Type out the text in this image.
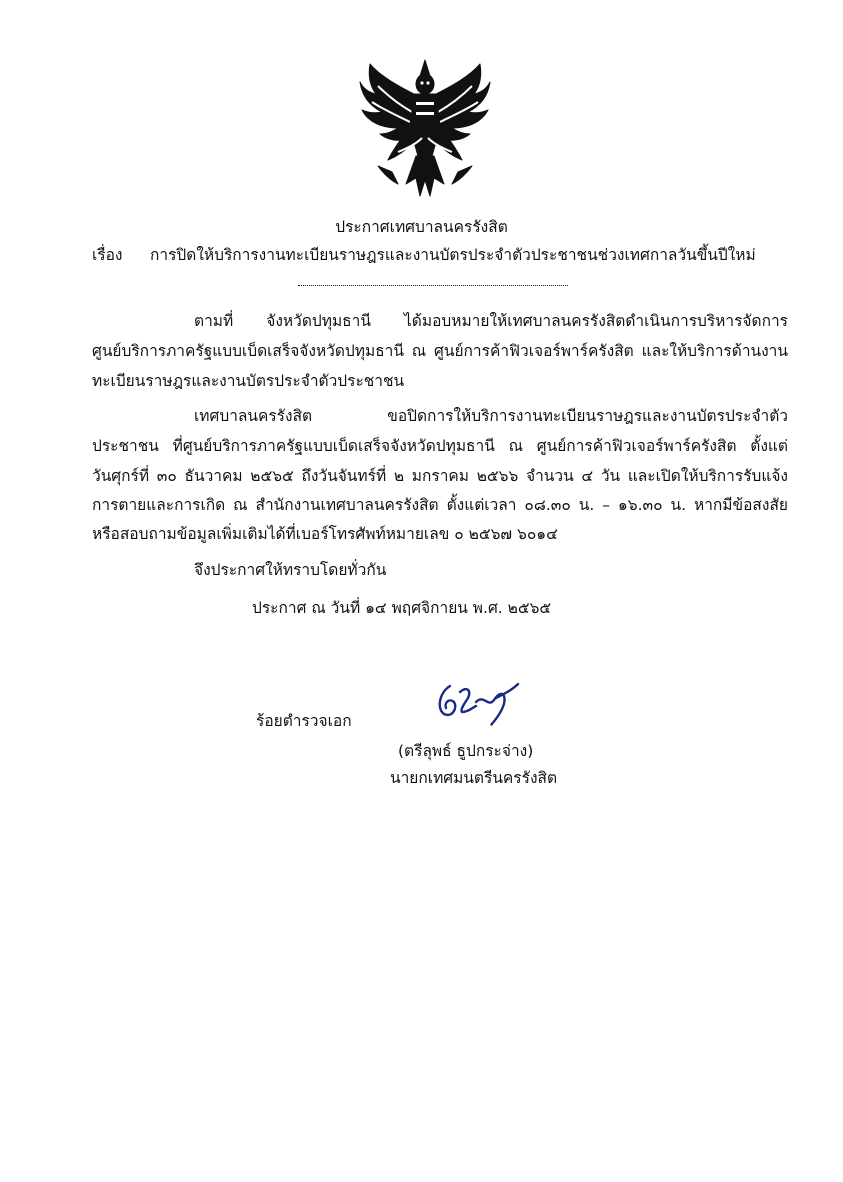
ประกาศเทศบาลนครรังสิต
เรื่อง การปิดให้บริการงานทะเบียนราษฎรและงานบัตรประจำตัวประชาชนช่วงเทศกาลวันขึ้นปีใหม่
ตามที่ จังหวัดปทุมธานี ได้มอบหมายให้เทศบาลนครรังสิตดำเนินการบริหารจัดการ
ศูนย์บริการภาครัฐแบบเบ็ดเสร็จจังหวัดปทุมธานี ณ ศูนย์การค้าฟิวเจอร์พาร์ครังสิต และให้บริการด้านงาน
ทะเบียนราษฎรและงานบัตรประจำตัวประชาชน
เทศบาลนครรังสิต ขอปิดการให้บริการงานทะเบียนราษฎรและงานบัตรประจำตัว
ประชาชน ที่ศูนย์บริการภาครัฐแบบเบ็ดเสร็จจังหวัดปทุมธานี ณ ศูนย์การค้าฟิวเจอร์พาร์ครังสิต ตั้งแต่
วันศุกร์ที่ ๓๐ ธันวาคม ๒๕๖๕ ถึงวันจันทร์ที่ ๒ มกราคม ๒๕๖๖ จำนวน ๔ วัน และเปิดให้บริการรับแจ้ง
การตายและการเกิด ณ สำนักงานเทศบาลนครรังสิต ตั้งแต่เวลา ๐๘.๓๐ น. – ๑๖.๓๐ น. หากมีข้อสงสัย
หรือสอบถามข้อมูลเพิ่มเติมได้ที่เบอร์โทรศัพท์หมายเลข ๐ ๒๕๖๗ ๖๐๑๔
จึงประกาศให้ทราบโดยทั่วกัน
ประกาศ ณ วันที่ ๑๔ พฤศจิกายน พ.ศ. ๒๕๖๕
ร้อยตำรวจเอก
(ตรีลุพธ์ ธูปกระจ่าง)
นายกเทศมนตรีนครรังสิต
